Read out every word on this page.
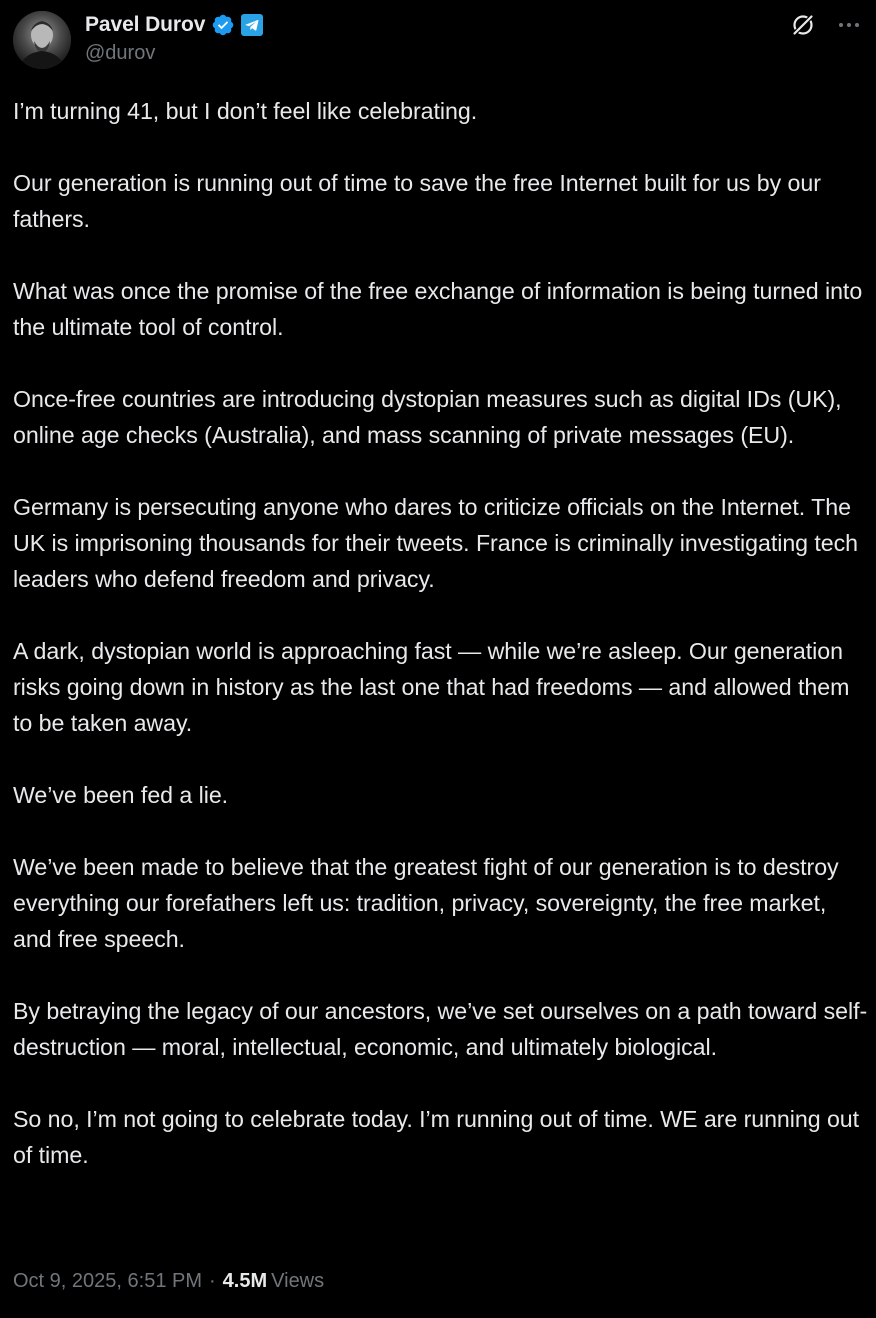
Pavel Durov
@durov

I’m turning 41, but I don’t feel like celebrating.

Our generation is running out of time to save the free Internet built for us by our fathers.

What was once the promise of the free exchange of information is being turned into the ultimate tool of control.

Once-free countries are introducing dystopian measures such as digital IDs (UK), online age checks (Australia), and mass scanning of private messages (EU).

Germany is persecuting anyone who dares to criticize officials on the Internet. The UK is imprisoning thousands for their tweets. France is criminally investigating tech leaders who defend freedom and privacy.

A dark, dystopian world is approaching fast — while we’re asleep. Our generation risks going down in history as the last one that had freedoms — and allowed them to be taken away.

We’ve been fed a lie.

We’ve been made to believe that the greatest fight of our generation is to destroy everything our forefathers left us: tradition, privacy, sovereignty, the free market, and free speech.

By betraying the legacy of our ancestors, we’ve set ourselves on a path toward self-destruction — moral, intellectual, economic, and ultimately biological.

So no, I’m not going to celebrate today. I’m running out of time. WE are running out of time.

Oct 9, 2025, 6:51 PM · 4.5M Views
